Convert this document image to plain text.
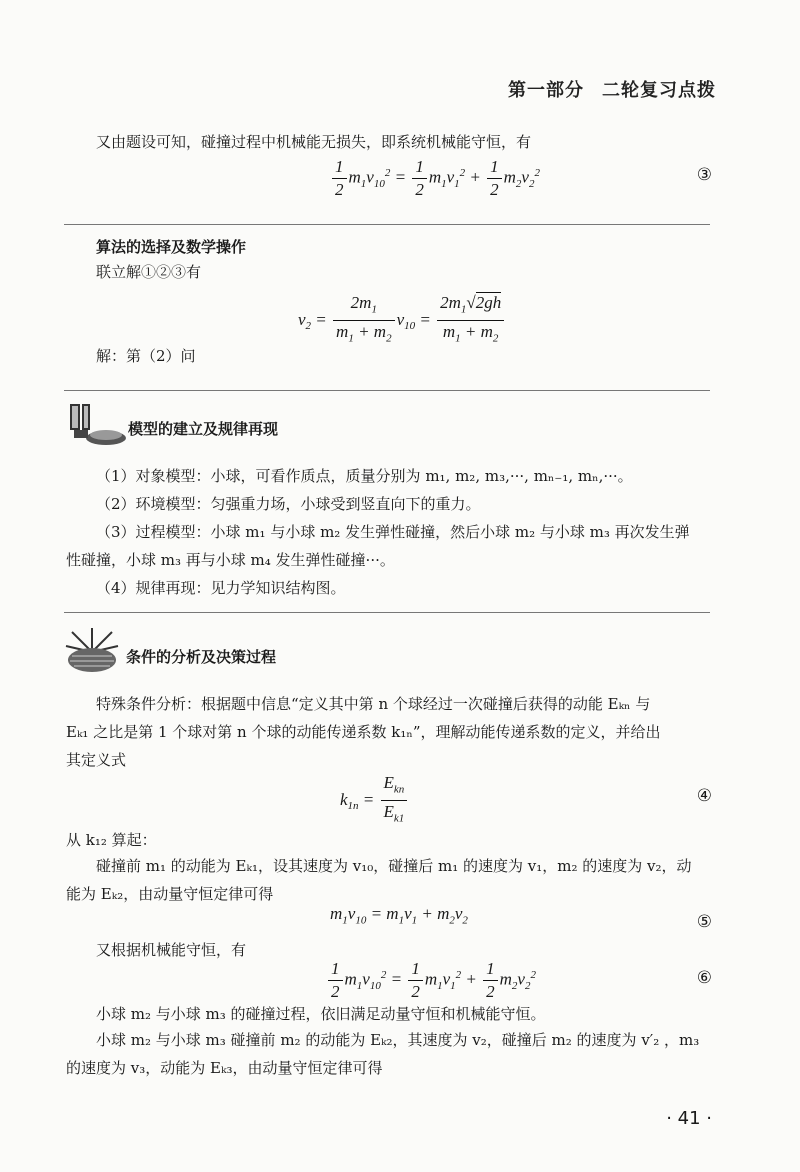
第一部分 二轮复习点拨
又由题设可知，碰撞过程中机械能无损失，即系统机械能守恒，有
$\frac{1}{2} m_1v_{10}^2 = \frac{1}{2} m_1v_1^2 + \frac{1}{2} m_2v_2^2$	③
算法的选择及数学操作
联立解①②③有
$v_2 = \frac{2m_1}{m_1 + m_2} v_{10} = \frac{2m_1√2gh}{m_1 + m_2}$
解：第（2）问
模型的建立及规律再现
（1）对象模型：小球，可看作质点，质量分别为 m₁, m₂, m₃,···, mₙ₋₁, mₙ,···。
（2）环境模型：匀强重力场，小球受到竖直向下的重力。
（3）过程模型：小球 m₁ 与小球 m₂ 发生弹性碰撞，然后小球 m₂ 与小球 m₃ 再次发生弹
性碰撞，小球 m₃ 再与小球 m₄ 发生弹性碰撞···。
（4）规律再现：见力学知识结构图。
条件的分析及决策过程
特殊条件分析：根据题中信息“定义其中第 n 个球经过一次碰撞后获得的动能 Eₖₙ 与
Eₖ₁ 之比是第 1 个球对第 n 个球的动能传递系数 k₁ₙ”，理解动能传递系数的定义，并给出
其定义式
$k_{1n} = \frac{E_{kn}}{E_{k1}}$	④
从 k₁₂ 算起：
碰撞前 m₁ 的动能为 Eₖ₁，设其速度为 v₁₀，碰撞后 m₁ 的速度为 v₁，m₂ 的速度为 v₂，动
能为 Eₖ₂，由动量守恒定律可得
$m_1v_{10} = m_1v_1 + m_2v_2$	⑤
又根据机械能守恒，有
$\frac{1}{2} m_1v_{10}^2 = \frac{1}{2} m_1v_1^2 + \frac{1}{2} m_2v_2^2$	⑥
小球 m₂ 与小球 m₃ 的碰撞过程，依旧满足动量守恒和机械能守恒。
小球 m₂ 与小球 m₃ 碰撞前 m₂ 的动能为 Eₖ₂，其速度为 v₂，碰撞后 m₂ 的速度为 v′₂ ，m₃
的速度为 v₃，动能为 Eₖ₃，由动量守恒定律可得
· 41 ·
